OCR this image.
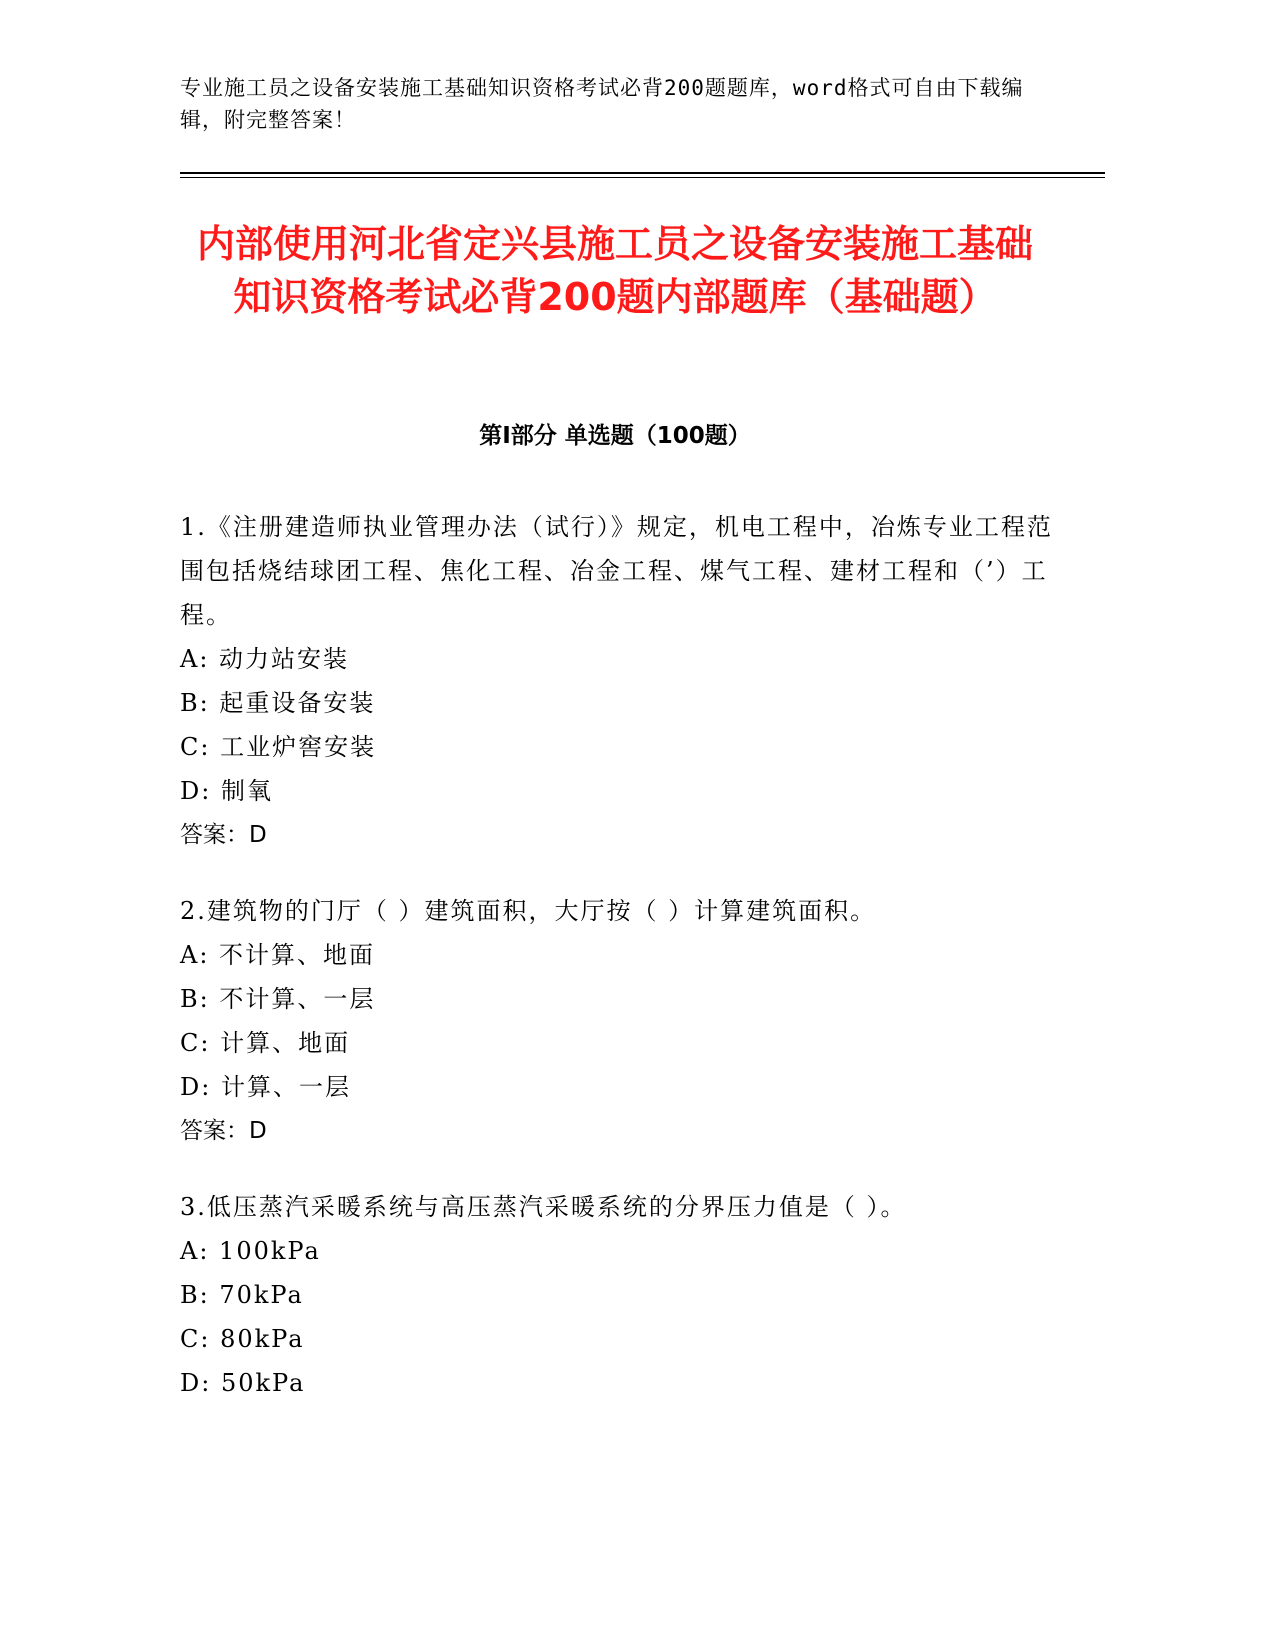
专业施工员之设备安装施工基础知识资格考试必背200题题库，word格式可自由下载编辑，附完整答案！

内部使用河北省定兴县施工员之设备安装施工基础知识资格考试必背200题内部题库（基础题）
第Ⅰ部分 单选题（100题）

1.《注册建造师执业管理办法（试行）》规定，机电工程中，冶炼专业工程范围包括烧结球团工程、焦化工程、冶金工程、煤气工程、建材工程和（’）工程。

A: 动力站安装

B: 起重设备安装

C: 工业炉窖安装

D: 制氧

答案：D

2.建筑物的门厅（ ）建筑面积，大厅按（ ）计算建筑面积。

A: 不计算、地面

B: 不计算、一层

C: 计算、地面

D: 计算、一层

答案：D

3.低压蒸汽采暖系统与高压蒸汽采暖系统的分界压力值是（ ）。

A: 100kPa

B: 70kPa

C: 80kPa

D: 50kPa
